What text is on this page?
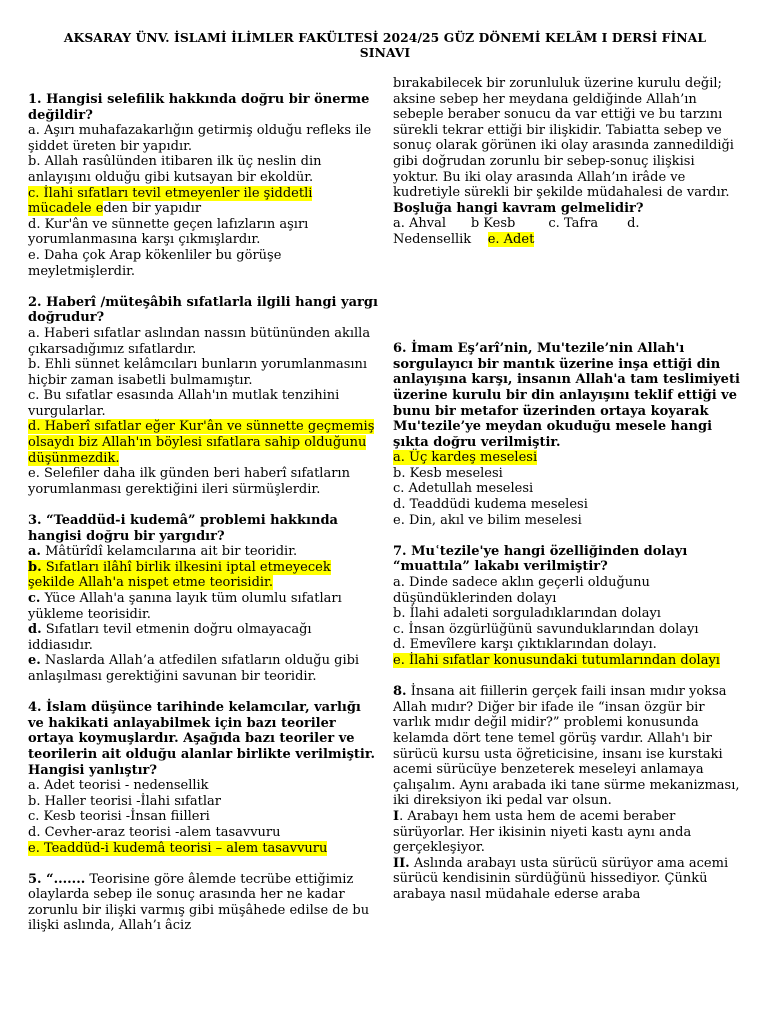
AKSARAY ÜNV. İSLAMİ İLİMLER FAKÜLTESİ 2024/25 GÜZ DÖNEMİ KELÂM I DERSİ FİNAL SINAVI

1. Hangisi selefilik hakkında doğru bir önerme değildir?

a. Aşırı muhafazakarlığın getirmiş olduğu refleks ile şiddet üreten bir yapıdır.

b. Allah rasûlünden itibaren ilk üç neslin din anlayışını olduğu gibi kutsayan bir ekoldür.

c. İlahi sıfatları tevil etmeyenler ile şiddetli mücadele eden bir yapıdır

d. Kur'ân ve sünnette geçen lafızların aşırı yorumlanmasına karşı çıkmışlardır.

e. Daha çok Arap kökenliler bu görüşe meyletmişlerdir.

2. Haberî /müteşâbih sıfatlarla ilgili hangi yargı doğrudur?

a. Haberi sıfatlar aslından nassın bütününden akılla çıkarsadığımız sıfatlardır.

b. Ehli sünnet kelâmcıları bunların yorumlanmasını hiçbir zaman isabetli bulmamıştır.

c. Bu sıfatlar esasında Allah'ın mutlak tenzihini vurgularlar.

d. Haberî sıfatlar eğer Kur'ân ve sünnette geçmemiş olsaydı biz Allah'ın böylesi sıfatlara sahip olduğunu düşünmezdik.

e. Selefiler daha ilk günden beri haberî sıfatların yorumlanması gerektiğini ileri sürmüşlerdir.

3. “Teaddüd-i kudemâ” problemi hakkında hangisi doğru bir yargıdır?

a. Mâtürîdî kelamcılarına ait bir teoridir.

b. Sıfatları ilâhî birlik ilkesini iptal etmeyecek şekilde Allah'a nispet etme teorisidir.

c. Yüce Allah'a şanına layık tüm olumlu sıfatları yükleme teorisidir.

d. Sıfatları tevil etmenin doğru olmayacağı iddiasıdır.

e. Naslarda Allah’a atfedilen sıfatların olduğu gibi anlaşılması gerektiğini savunan bir teoridir.

4. İslam düşünce tarihinde kelamcılar, varlığı ve hakikati anlayabilmek için bazı teoriler ortaya koymuşlardır. Aşağıda bazı teoriler ve teorilerin ait olduğu alanlar birlikte verilmiştir. Hangisi yanlıştır?

a. Adet teorisi - nedensellik

b. Haller teorisi -İlahi sıfatlar

c. Kesb teorisi -İnsan fiilleri

d. Cevher-araz teorisi -alem tasavvuru

e. Teaddüd-i kudemâ teorisi – alem tasavvuru

5. “....... Teorisine göre âlemde tecrübe ettiğimiz olaylarda sebep ile sonuç arasında her ne kadar zorunlu bir ilişki varmış gibi müşâhede edilse de bu ilişki aslında, Allah’ı âciz

bırakabilecek bir zorunluluk üzerine kurulu değil; aksine sebep her meydana geldiğinde Allah’ın sebeple beraber sonucu da var ettiği ve bu tarzını sürekli tekrar ettiği bir ilişkidir. Tabiatta sebep ve sonuç olarak görünen iki olay arasında zannedildiği gibi doğrudan zorunlu bir sebep-sonuç ilişkisi yoktur. Bu iki olay arasında Allah’ın irâde ve kudretiyle sürekli bir şekilde müdahalesi de vardır. Boşluğa hangi kavram gelmelidir?

a. Ahval b Kesb	c. Tafra d.

Nedensellik e. Adet

6. İmam Eş’arî’nin, Mu'tezile’nin Allah'ı sorgulayıcı bir mantık üzerine inşa ettiği din anlayışına karşı, insanın Allah'a tam teslimiyeti üzerine kurulu bir din anlayışını teklif ettiği ve bunu bir metafor üzerinden ortaya koyarak Mu'tezile’ye meydan okuduğu mesele hangi şıkta doğru verilmiştir.

a. Üç kardeş meselesi

b. Kesb meselesi

c. Adetullah meselesi

d. Teaddüdi kudema meselesi

e. Din, akıl ve bilim meselesi

7. Muʿtezile'ye hangi özelliğinden dolayı “muattıla” lakabı verilmiştir?

a. Dinde sadece aklın geçerli olduğunu düşündüklerinden dolayı

b. İlahi adaleti sorguladıklarından dolayı

c. İnsan özgürlüğünü savunduklarından dolayı

d. Emevîlere karşı çıktıklarından dolayı.

e. İlahi sıfatlar konusundaki tutumlarından dolayı

8. İnsana ait fiillerin gerçek faili insan mıdır yoksa Allah mıdır? Diğer bir ifade ile “insan özgür bir varlık mıdır değil midir?” problemi konusunda kelamda dört tene temel görüş vardır. Allah'ı bir sürücü kursu usta öğreticisine, insanı ise kurstaki acemi sürücüye benzeterek meseleyi anlamaya çalışalım. Aynı arabada iki tane sürme mekanizması, iki direksiyon iki pedal var olsun.

I. Arabayı hem usta hem de acemi beraber sürüyorlar. Her ikisinin niyeti kastı aynı anda gerçekleşiyor.

II. Aslında arabayı usta sürücü sürüyor ama acemi sürücü kendisinin sürdüğünü hissediyor. Çünkü arabaya nasıl müdahale ederse araba
